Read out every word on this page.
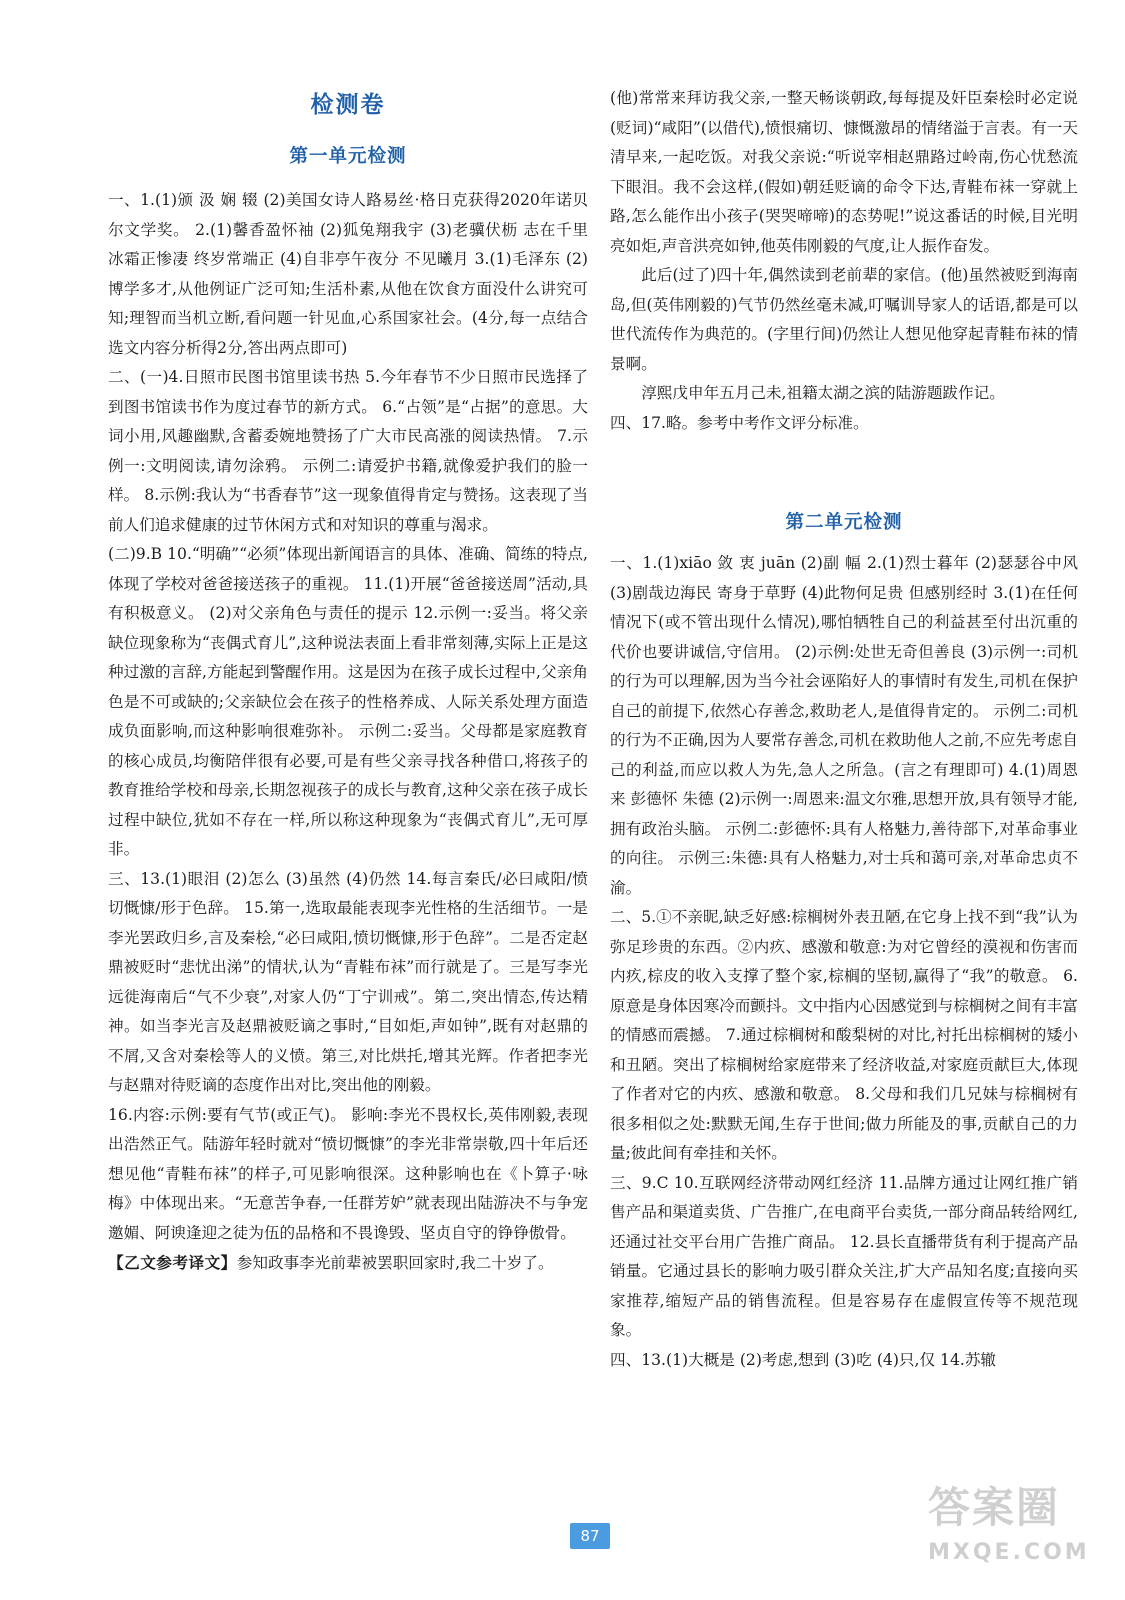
检测卷
第一单元检测

一、1.(1)颁 汲 娴 辍 (2)美国女诗人路易丝·格日克获得2020年诺贝尔文学奖。 2.(1)馨香盈怀袖 (2)狐兔翔我宇 (3)老骥伏枥 志在千里 冰霜正惨凄 终岁常端正 (4)自非亭午夜分 不见曦月 3.(1)毛泽东 (2)博学多才,从他例证广泛可知;生活朴素,从他在饮食方面没什么讲究可知;理智而当机立断,看问题一针见血,心系国家社会。(4分,每一点结合选文内容分析得2分,答出两点即可)

二、(一)4.日照市民图书馆里读书热 5.今年春节不少日照市民选择了到图书馆读书作为度过春节的新方式。 6.“占领”是“占据”的意思。大词小用,风趣幽默,含蓄委婉地赞扬了广大市民高涨的阅读热情。 7.示例一:文明阅读,请勿涂鸦。 示例二:请爱护书籍,就像爱护我们的脸一样。 8.示例:我认为“书香春节”这一现象值得肯定与赞扬。这表现了当前人们追求健康的过节休闲方式和对知识的尊重与渴求。

(二)9.B 10.“明确”“必须”体现出新闻语言的具体、准确、简练的特点,体现了学校对爸爸接送孩子的重视。 11.(1)开展“爸爸接送周”活动,具有积极意义。 (2)对父亲角色与责任的提示 12.示例一:妥当。将父亲缺位现象称为“丧偶式育儿”,这种说法表面上看非常刻薄,实际上正是这种过激的言辞,方能起到警醒作用。这是因为在孩子成长过程中,父亲角色是不可或缺的;父亲缺位会在孩子的性格养成、人际关系处理方面造成负面影响,而这种影响很难弥补。 示例二:妥当。父母都是家庭教育的核心成员,均衡陪伴很有必要,可是有些父亲寻找各种借口,将孩子的教育推给学校和母亲,长期忽视孩子的成长与教育,这种父亲在孩子成长过程中缺位,犹如不存在一样,所以称这种现象为“丧偶式育儿”,无可厚非。

三、13.(1)眼泪 (2)怎么 (3)虽然 (4)仍然 14.每言秦氏/必曰咸阳/愤切慨慷/形于色辞。 15.第一,选取最能表现李光性格的生活细节。一是李光罢政归乡,言及秦桧,“必曰咸阳,愤切慨慷,形于色辞”。二是否定赵鼎被贬时“悲忧出涕”的情状,认为“青鞋布袜”而行就是了。三是写李光远徙海南后“气不少衰”,对家人仍“丁宁训戒”。第二,突出情态,传达精神。如当李光言及赵鼎被贬谪之事时,“目如炬,声如钟”,既有对赵鼎的不屑,又含对秦桧等人的义愤。第三,对比烘托,增其光辉。作者把李光与赵鼎对待贬谪的态度作出对比,突出他的刚毅。

16.内容:示例:要有气节(或正气)。 影响:李光不畏权长,英伟刚毅,表现出浩然正气。陆游年轻时就对“愤切慨慷”的李光非常崇敬,四十年后还想见他“青鞋布袜”的样子,可见影响很深。这种影响也在《卜算子·咏梅》中体现出来。“无意苦争春,一任群芳妒”就表现出陆游决不与争宠邀媚、阿谀逢迎之徒为伍的品格和不畏谗毁、坚贞自守的铮铮傲骨。

【乙文参考译文】参知政事李光前辈被罢职回家时,我二十岁了。

(他)常常来拜访我父亲,一整天畅谈朝政,每每提及奸臣秦桧时必定说(贬词)“咸阳”(以借代),愤恨痛切、慷慨激昂的情绪溢于言表。有一天清早来,一起吃饭。对我父亲说:“听说宰相赵鼎路过岭南,伤心忧愁流下眼泪。我不会这样,(假如)朝廷贬谪的命令下达,青鞋布袜一穿就上路,怎么能作出小孩子(哭哭啼啼)的态势呢!”说这番话的时候,目光明亮如炬,声音洪亮如钟,他英伟刚毅的气度,让人振作奋发。

此后(过了)四十年,偶然读到老前辈的家信。(他)虽然被贬到海南岛,但(英伟刚毅的)气节仍然丝毫未减,叮嘱训导家人的话语,都是可以世代流传作为典范的。(字里行间)仍然让人想见他穿起青鞋布袜的情景啊。

淳熙戊申年五月己未,祖籍太湖之滨的陆游题跋作记。

四、17.略。参考中考作文评分标准。

第二单元检测

一、1.(1)xiāo 敛 衷 juān (2)副 幅 2.(1)烈士暮年 (2)瑟瑟谷中风 (3)剧哉边海民 寄身于草野 (4)此物何足贵 但感别经时 3.(1)在任何情况下(或不管出现什么情况),哪怕牺牲自己的利益甚至付出沉重的代价也要讲诚信,守信用。 (2)示例:处世无奇但善良 (3)示例一:司机的行为可以理解,因为当今社会诬陷好人的事情时有发生,司机在保护自己的前提下,依然心存善念,救助老人,是值得肯定的。 示例二:司机的行为不正确,因为人要常存善念,司机在救助他人之前,不应先考虑自己的利益,而应以救人为先,急人之所急。(言之有理即可) 4.(1)周恩来 彭德怀 朱德 (2)示例一:周恩来:温文尔雅,思想开放,具有领导才能,拥有政治头脑。 示例二:彭德怀:具有人格魅力,善待部下,对革命事业的向往。 示例三:朱德:具有人格魅力,对士兵和蔼可亲,对革命忠贞不渝。

二、5.①不亲昵,缺乏好感:棕榈树外表丑陋,在它身上找不到“我”认为弥足珍贵的东西。②内疚、感激和敬意:为对它曾经的漠视和伤害而内疚,棕皮的收入支撑了整个家,棕榈的坚韧,赢得了“我”的敬意。 6.原意是身体因寒冷而颤抖。文中指内心因感觉到与棕榈树之间有丰富的情感而震撼。 7.通过棕榈树和酸梨树的对比,衬托出棕榈树的矮小和丑陋。突出了棕榈树给家庭带来了经济收益,对家庭贡献巨大,体现了作者对它的内疚、感激和敬意。 8.父母和我们几兄妹与棕榈树有很多相似之处:默默无闻,生存于世间;做力所能及的事,贡献自己的力量;彼此间有牵挂和关怀。

三、9.C 10.互联网经济带动网红经济 11.品牌方通过让网红推广销售产品和渠道卖货、广告推广,在电商平台卖货,一部分商品转给网红,还通过社交平台用广告推广商品。 12.县长直播带货有利于提高产品销量。它通过县长的影响力吸引群众关注,扩大产品知名度;直接向买家推荐,缩短产品的销售流程。但是容易存在虚假宣传等不规范现象。

四、13.(1)大概是 (2)考虑,想到 (3)吃 (4)只,仅 14.苏辙

87
答案圈
MXQE.COM
